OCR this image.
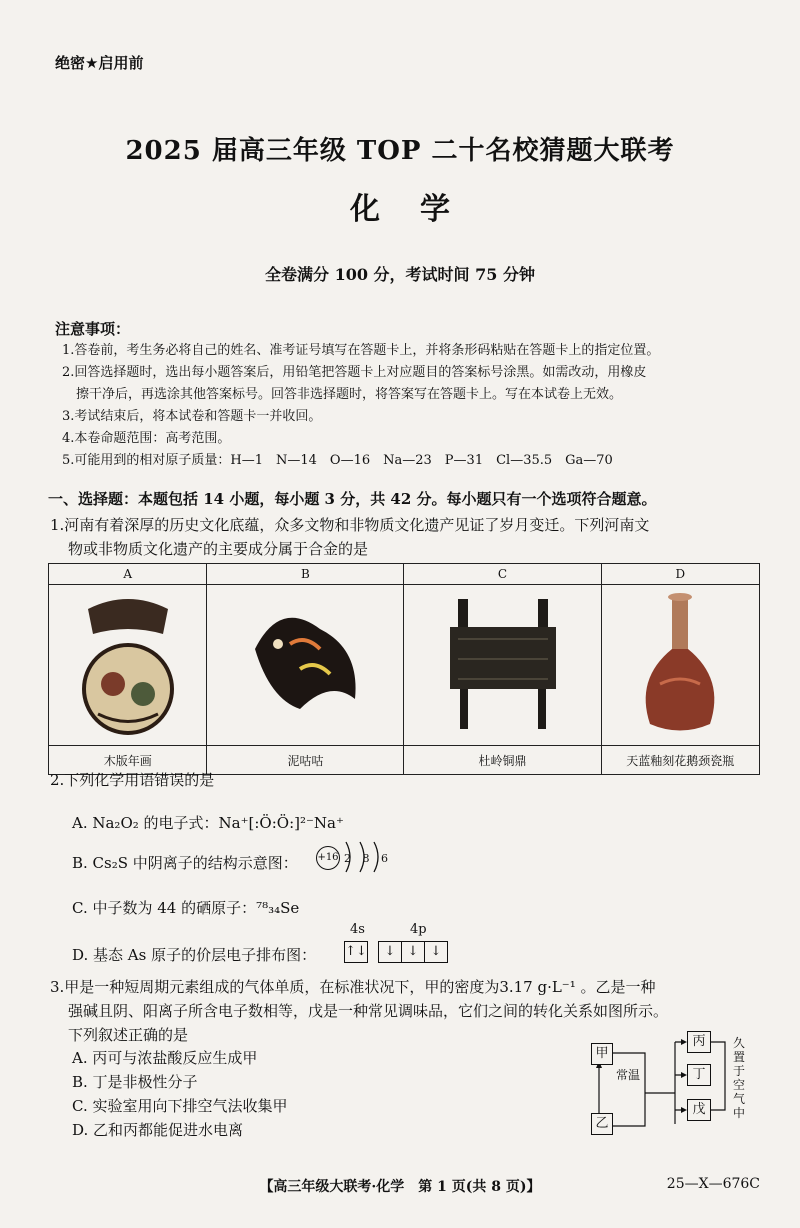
绝密★启用前
2025 届高三年级 TOP 二十名校猜题大联考
化学
全卷满分 100 分，考试时间 75 分钟
注意事项：
1.答卷前，考生务必将自己的姓名、准考证号填写在答题卡上，并将条形码粘贴在答题卡上的指定位置。
2.回答选择题时，选出每小题答案后，用铅笔把答题卡上对应题目的答案标号涂黑。如需改动，用橡皮
擦干净后，再选涂其他答案标号。回答非选择题时，将答案写在答题卡上。写在本试卷上无效。
3.考试结束后，将本试卷和答题卡一并收回。
4.本卷命题范围：高考范围。
5.可能用到的相对原子质量：H—1　N—14　O—16　Na—23　P—31　Cl—35.5　Ga—70
一、选择题：本题包括 14 小题，每小题 3 分，共 42 分。每小题只有一个选项符合题意。
1.河南有着深厚的历史文化底蕴，众多文物和非物质文化遗产见证了岁月变迁。下列河南文
物或非物质文化遗产的主要成分属于合金的是
A	B	C	D

木版年画	泥咕咕	杜岭铜鼎	天蓝釉刻花鹅颈瓷瓶
2.下列化学用语错误的是
A. Na₂O₂ 的电子式：Na⁺[:Ö:Ö:]²⁻Na⁺
B. Cs₂S 中阴离子的结构示意图： +16 2 8 6
C. 中子数为 44 的硒原子：⁷⁸₃₄Se
D. 基态 As 原子的价层电子排布图：
4s	4p
↑↓	↓ ↓ ↓
3.甲是一种短周期元素组成的气体单质，在标准状况下，甲的密度为3.17 g·L⁻¹ 。乙是一种
强碱且阴、阳离子所含电子数相等，戊是一种常见调味品，它们之间的转化关系如图所示。
下列叙述正确的是
A. 丙可与浓盐酸反应生成甲
B. 丁是非极性分子
C. 实验室用向下排空气法收集甲
D. 乙和丙都能促进水电离
甲
乙
常温
丙
丁
戊
久置于空气中
【高三年级大联考·化学　第 1 页(共 8 页)】	25—X—676C
